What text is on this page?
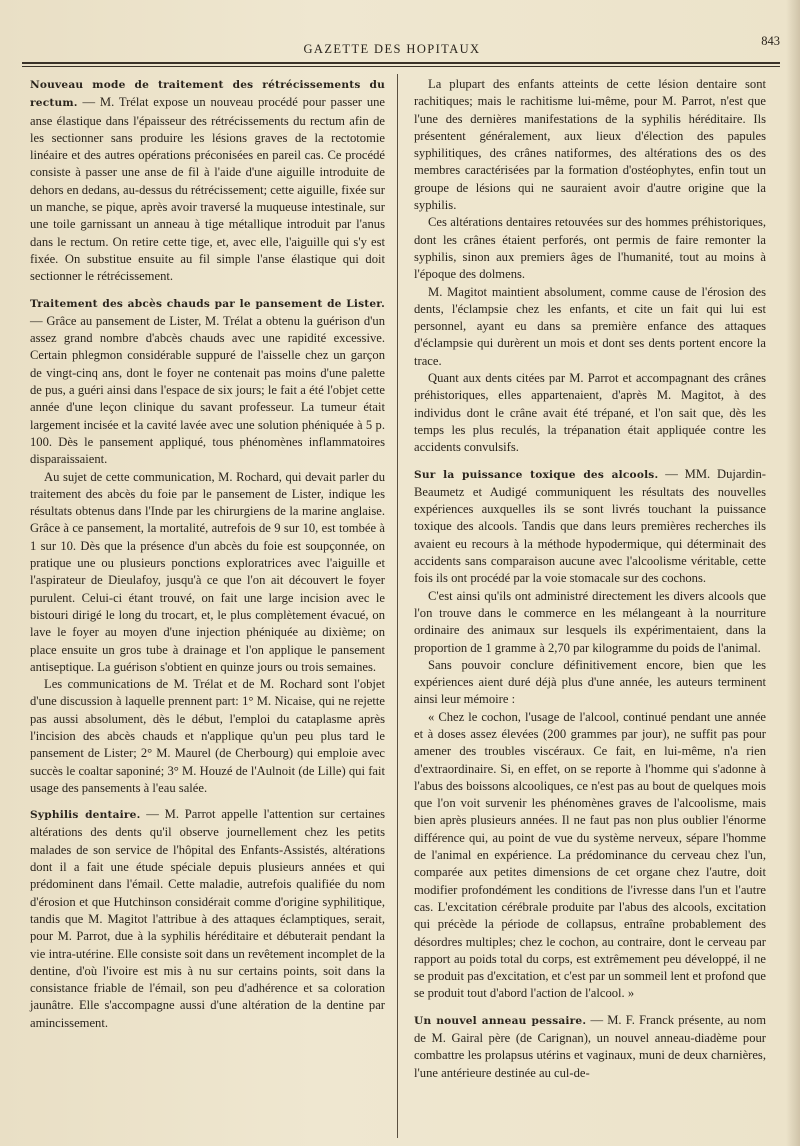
GAZETTE DES HOPITAUX
843

Nouveau mode de traitement des rétrécissements du rectum. — M. Trélat expose un nouveau procédé pour passer une anse élastique dans l'épaisseur des rétrécissements du rectum afin de les sectionner sans produire les lésions graves de la rectotomie linéaire et des autres opérations préconisées en pareil cas. Ce procédé consiste à passer une anse de fil à l'aide d'une aiguille introduite de dehors en dedans, au-dessus du rétrécissement; cette aiguille, fixée sur un manche, se pique, après avoir traversé la muqueuse intestinale, sur une toile garnissant un anneau à tige métallique introduit par l'anus dans le rectum. On retire cette tige, et, avec elle, l'aiguille qui s'y est fixée. On substitue ensuite au fil simple l'anse élastique qui doit sectionner le rétrécissement.

Traitement des abcès chauds par le pansement de Lister. — Grâce au pansement de Lister, M. Trélat a obtenu la guérison d'un assez grand nombre d'abcès chauds avec une rapidité excessive. Certain phlegmon considérable suppuré de l'aisselle chez un garçon de vingt-cinq ans, dont le foyer ne contenait pas moins d'une palette de pus, a guéri ainsi dans l'espace de six jours; le fait a été l'objet cette année d'une leçon clinique du savant professeur. La tumeur était largement incisée et la cavité lavée avec une solution phéniquée à 5 p. 100. Dès le pansement appliqué, tous phénomènes inflammatoires disparaissaient.

Au sujet de cette communication, M. Rochard, qui devait parler du traitement des abcès du foie par le pansement de Lister, indique les résultats obtenus dans l'Inde par les chirurgiens de la marine anglaise. Grâce à ce pansement, la mortalité, autrefois de 9 sur 10, est tombée à 1 sur 10. Dès que la présence d'un abcès du foie est soupçonnée, on pratique une ou plusieurs ponctions exploratrices avec l'aiguille et l'aspirateur de Dieulafoy, jusqu'à ce que l'on ait découvert le foyer purulent. Celui-ci étant trouvé, on fait une large incision avec le bistouri dirigé le long du trocart, et, le plus complètement évacué, on lave le foyer au moyen d'une injection phéniquée au dixième; on place ensuite un gros tube à drainage et l'on applique le pansement antiseptique. La guérison s'obtient en quinze jours ou trois semaines.

Les communications de M. Trélat et de M. Rochard sont l'objet d'une discussion à laquelle prennent part: 1° M. Nicaise, qui ne rejette pas aussi absolument, dès le début, l'emploi du cataplasme après l'incision des abcès chauds et n'applique qu'un peu plus tard le pansement de Lister; 2° M. Maurel (de Cherbourg) qui emploie avec succès le coaltar saponiné; 3° M. Houzé de l'Aulnoit (de Lille) qui fait usage des pansements à l'eau salée.

Syphilis dentaire. — M. Parrot appelle l'attention sur certaines altérations des dents qu'il observe journellement chez les petits malades de son service de l'hôpital des Enfants-Assistés, altérations dont il a fait une étude spéciale depuis plusieurs années et qui prédominent dans l'émail. Cette maladie, autrefois qualifiée du nom d'érosion et que Hutchinson considérait comme d'origine syphilitique, tandis que M. Magitot l'attribue à des attaques éclamptiques, serait, pour M. Parrot, due à la syphilis héréditaire et débuterait pendant la vie intra-utérine. Elle consiste soit dans un revêtement incomplet de la dentine, d'où l'ivoire est mis à nu sur certains points, soit dans la consistance friable de l'émail, son peu d'adhérence et sa coloration jaunâtre. Elle s'accompagne aussi d'une altération de la dentine par amincissement.

La plupart des enfants atteints de cette lésion dentaire sont rachitiques; mais le rachitisme lui-même, pour M. Parrot, n'est que l'une des dernières manifestations de la syphilis héréditaire. Ils présentent généralement, aux lieux d'élection des papules syphilitiques, des crânes natiformes, des altérations des os des membres caractérisées par la formation d'ostéophytes, enfin tout un groupe de lésions qui ne sauraient avoir d'autre origine que la syphilis.

Ces altérations dentaires retouvées sur des hommes préhistoriques, dont les crânes étaient perforés, ont permis de faire remonter la syphilis, sinon aux premiers âges de l'humanité, tout au moins à l'époque des dolmens.

M. Magitot maintient absolument, comme cause de l'érosion des dents, l'éclampsie chez les enfants, et cite un fait qui lui est personnel, ayant eu dans sa première enfance des attaques d'éclampsie qui durèrent un mois et dont ses dents portent encore la trace.

Quant aux dents citées par M. Parrot et accompagnant des crânes préhistoriques, elles appartenaient, d'après M. Magitot, à des individus dont le crâne avait été trépané, et l'on sait que, dès les temps les plus reculés, la trépanation était appliquée contre les accidents convulsifs.

Sur la puissance toxique des alcools. — MM. Dujardin-Beaumetz et Audigé communiquent les résultats des nouvelles expériences auxquelles ils se sont livrés touchant la puissance toxique des alcools. Tandis que dans leurs premières recherches ils avaient eu recours à la méthode hypodermique, qui déterminait des accidents sans comparaison aucune avec l'alcoolisme véritable, cette fois ils ont procédé par la voie stomacale sur des cochons.

C'est ainsi qu'ils ont administré directement les divers alcools que l'on trouve dans le commerce en les mélangeant à la nourriture ordinaire des animaux sur lesquels ils expérimentaient, dans la proportion de 1 gramme à 2,70 par kilogramme du poids de l'animal.

Sans pouvoir conclure définitivement encore, bien que les expériences aient duré déjà plus d'une année, les auteurs terminent ainsi leur mémoire :

« Chez le cochon, l'usage de l'alcool, continué pendant une année et à doses assez élevées (200 grammes par jour), ne suffit pas pour amener des troubles viscéraux. Ce fait, en lui-même, n'a rien d'extraordinaire. Si, en effet, on se reporte à l'homme qui s'adonne à l'abus des boissons alcooliques, ce n'est pas au bout de quelques mois que l'on voit survenir les phénomènes graves de l'alcoolisme, mais bien après plusieurs années. Il ne faut pas non plus oublier l'énorme différence qui, au point de vue du système nerveux, sépare l'homme de l'animal en expérience. La prédominance du cerveau chez l'un, comparée aux petites dimensions de cet organe chez l'autre, doit modifier profondément les conditions de l'ivresse dans l'un et l'autre cas. L'excitation cérébrale produite par l'abus des alcools, excitation qui précède la période de collapsus, entraîne probablement des désordres multiples; chez le cochon, au contraire, dont le cerveau par rapport au poids total du corps, est extrêmement peu développé, il ne se produit pas d'excitation, et c'est par un sommeil lent et profond que se produit tout d'abord l'action de l'alcool. »

Un nouvel anneau pessaire. — M. F. Franck présente, au nom de M. Gairal père (de Carignan), un nouvel anneau-diadème pour combattre les prolapsus utérins et vaginaux, muni de deux charnières, l'une antérieure destinée au cul-de-
